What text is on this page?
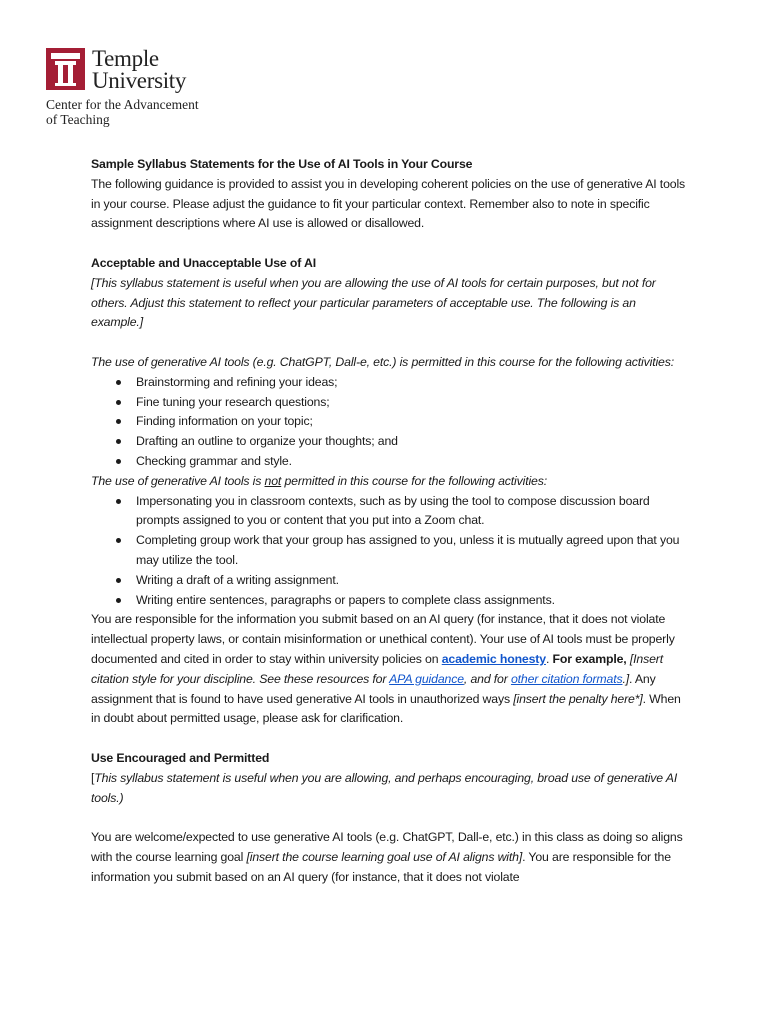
Temple
University
Center for the Advancement
of Teaching

Sample Syllabus Statements for the Use of AI Tools in Your Course

The following guidance is provided to assist you in developing coherent policies on the use of generative AI tools in your course. Please adjust the guidance to fit your particular context. Remember also to note in specific assignment descriptions where AI use is allowed or disallowed.

Acceptable and Unacceptable Use of AI

[This syllabus statement is useful when you are allowing the use of AI tools for certain purposes, but not for others. Adjust this statement to reflect your particular parameters of acceptable use. The following is an example.]

The use of generative AI tools (e.g. ChatGPT, Dall-e, etc.) is permitted in this course for the following activities:

Brainstorming and refining your ideas;
Fine tuning your research questions;
Finding information on your topic;
Drafting an outline to organize your thoughts; and
Checking grammar and style.

The use of generative AI tools is not permitted in this course for the following activities:

Impersonating you in classroom contexts, such as by using the tool to compose discussion board prompts assigned to you or content that you put into a Zoom chat.
Completing group work that your group has assigned to you, unless it is mutually agreed upon that you may utilize the tool.
Writing a draft of a writing assignment.
Writing entire sentences, paragraphs or papers to complete class assignments.

You are responsible for the information you submit based on an AI query (for instance, that it does not violate intellectual property laws, or contain misinformation or unethical content). Your use of AI tools must be properly documented and cited in order to stay within university policies on academic honesty. For example, [Insert citation style for your discipline. See these resources for APA guidance, and for other citation formats.]. Any assignment that is found to have used generative AI tools in unauthorized ways [insert the penalty here*]. When in doubt about permitted usage, please ask for clarification.

Use Encouraged and Permitted

[This syllabus statement is useful when you are allowing, and perhaps encouraging, broad use of generative AI tools.)

You are welcome/expected to use generative AI tools (e.g. ChatGPT, Dall-e, etc.) in this class as doing so aligns with the course learning goal [insert the course learning goal use of AI aligns with]. You are responsible for the information you submit based on an AI query (for instance, that it does not violate
